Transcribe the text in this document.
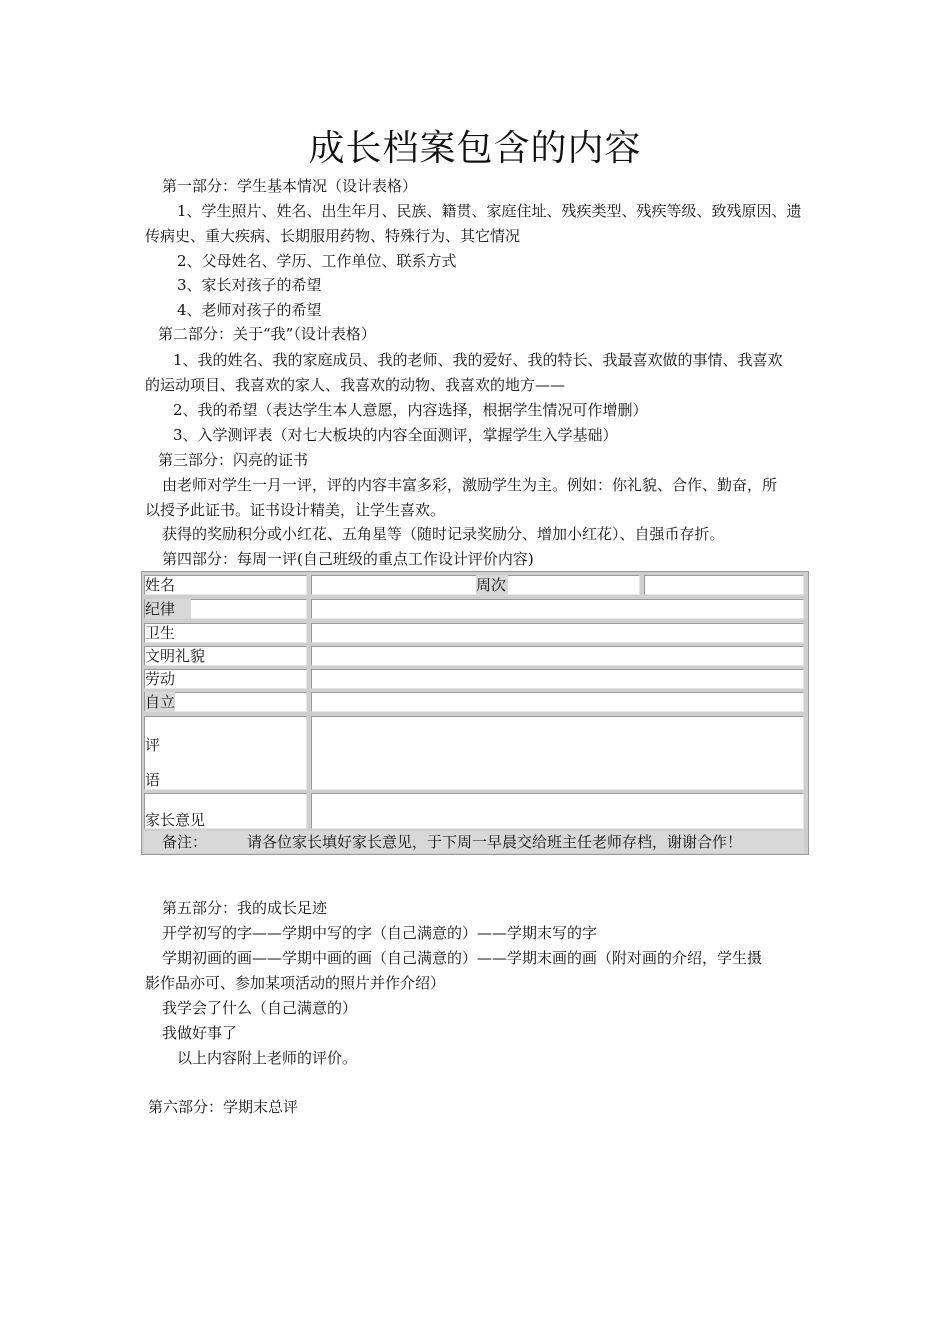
成长档案包含的内容
第一部分：学生基本情况（设计表格）
1、学生照片、姓名、出生年月、民族、籍贯、家庭住址、残疾类型、残疾等级、致残原因、遗
传病史、重大疾病、长期服用药物、特殊行为、其它情况
2、父母姓名、学历、工作单位、联系方式
3、家长对孩子的希望
4、老师对孩子的希望
第二部分：关于“我”（设计表格）
1、我的姓名、我的家庭成员、我的老师、我的爱好、我的特长、我最喜欢做的事情、我喜欢
的运动项目、我喜欢的家人、我喜欢的动物、我喜欢的地方——
2、我的希望（表达学生本人意愿，内容选择，根据学生情况可作增删）
3、入学测评表（对七大板块的内容全面测评，掌握学生入学基础）
第三部分：闪亮的证书
由老师对学生一月一评，评的内容丰富多彩，激励学生为主。例如：你礼貌、合作、勤奋，所
以授予此证书。证书设计精美，让学生喜欢。
获得的奖励积分或小红花、五角星等（随时记录奖励分、增加小红花）、自强币存折。
第四部分：每周一评(自己班级的重点工作设计评价内容)
姓名	周次
纪律
卫生
文明礼貌
劳动
自立
评
语
家长意见
备注：	请各位家长填好家长意见，于下周一早晨交给班主任老师存档，谢谢合作！
第五部分：我的成长足迹
开学初写的字——学期中写的字（自己满意的）——学期末写的字
学期初画的画——学期中画的画（自己满意的）——学期末画的画（附对画的介绍，学生摄
影作品亦可、参加某项活动的照片并作介绍）
我学会了什么（自己满意的）
我做好事了
以上内容附上老师的评价。
第六部分：学期末总评
